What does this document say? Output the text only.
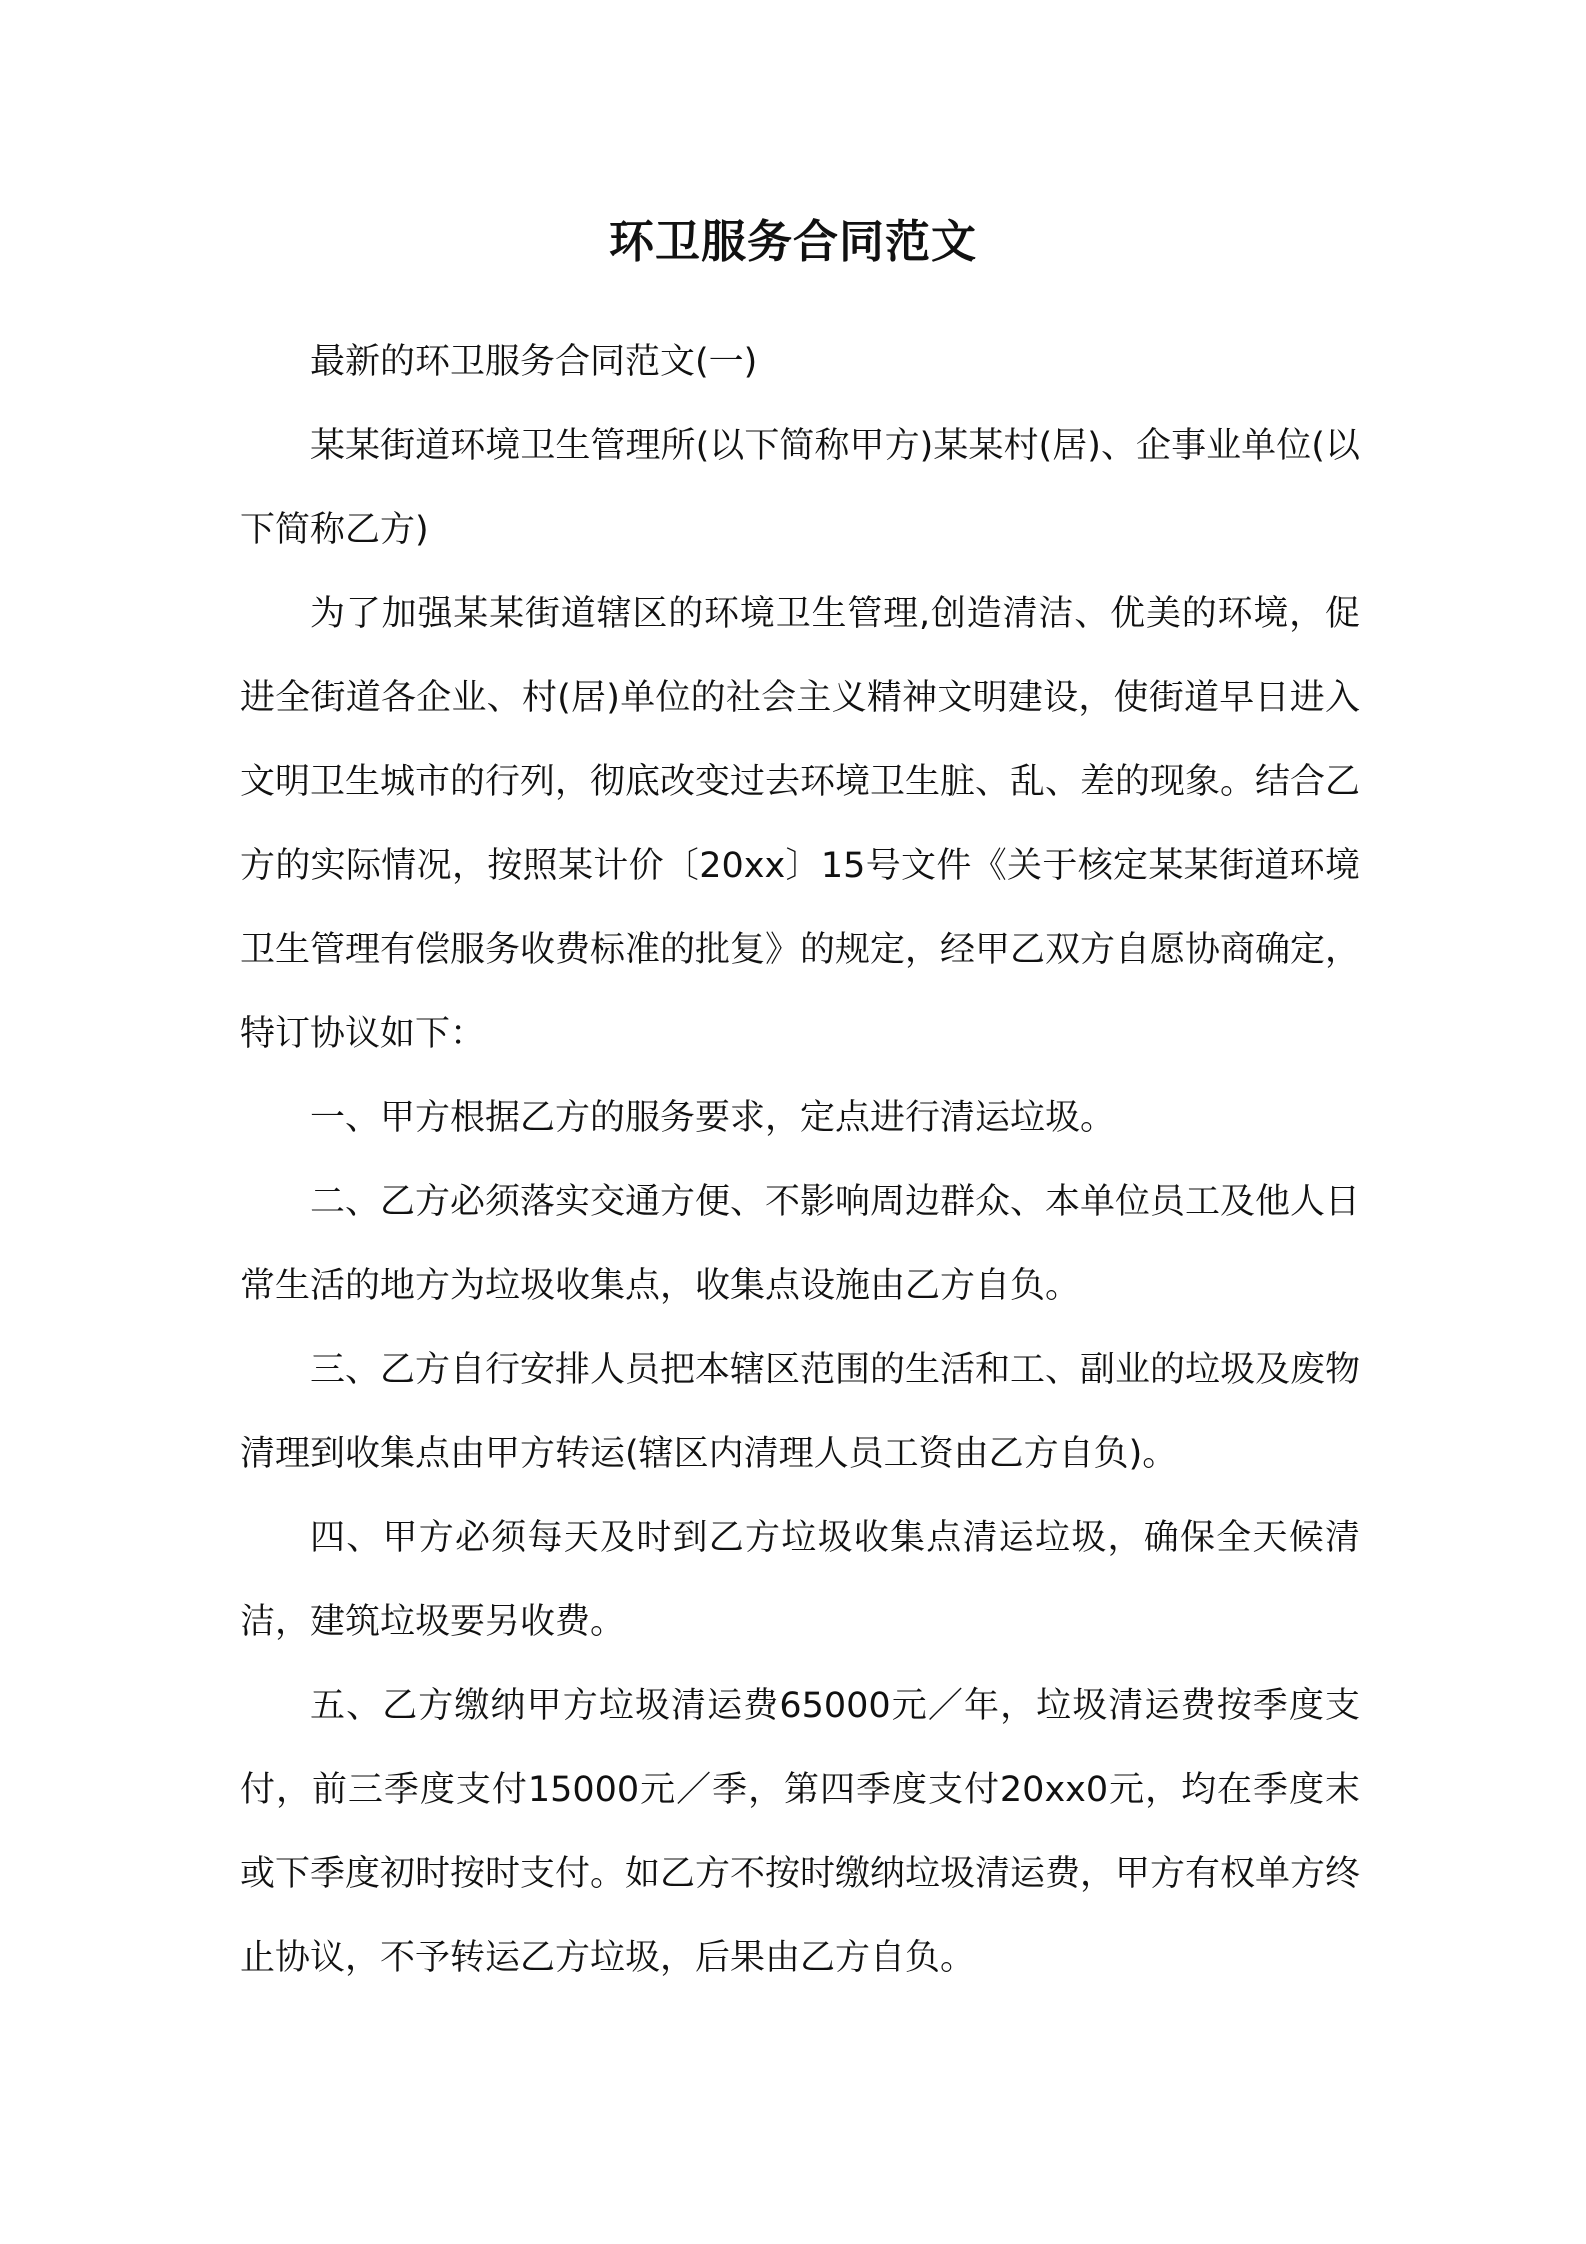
环卫服务合同范文

最新的环卫服务合同范文(一)

某某街道环境卫生管理所(以下简称甲方)某某村(居)、企事业单位(以下简称乙方)

为了加强某某街道辖区的环境卫生管理,创造清洁、优美的环境，促进全街道各企业、村(居)单位的社会主义精神文明建设，使街道早日进入文明卫生城市的行列，彻底改变过去环境卫生脏、乱、差的现象。结合乙方的实际情况，按照某计价〔20xx〕15号文件《关于核定某某街道环境卫生管理有偿服务收费标准的批复》的规定，经甲乙双方自愿协商确定，特订协议如下：

一、甲方根据乙方的服务要求，定点进行清运垃圾。

二、乙方必须落实交通方便、不影响周边群众、本单位员工及他人日常生活的地方为垃圾收集点，收集点设施由乙方自负。

三、乙方自行安排人员把本辖区范围的生活和工、副业的垃圾及废物清理到收集点由甲方转运(辖区内清理人员工资由乙方自负)。

四、甲方必须每天及时到乙方垃圾收集点清运垃圾，确保全天候清洁，建筑垃圾要另收费。

五、乙方缴纳甲方垃圾清运费65000元／年，垃圾清运费按季度支付，前三季度支付15000元／季，第四季度支付20xx0元，均在季度末或下季度初时按时支付。如乙方不按时缴纳垃圾清运费，甲方有权单方终止协议，不予转运乙方垃圾，后果由乙方自负。
